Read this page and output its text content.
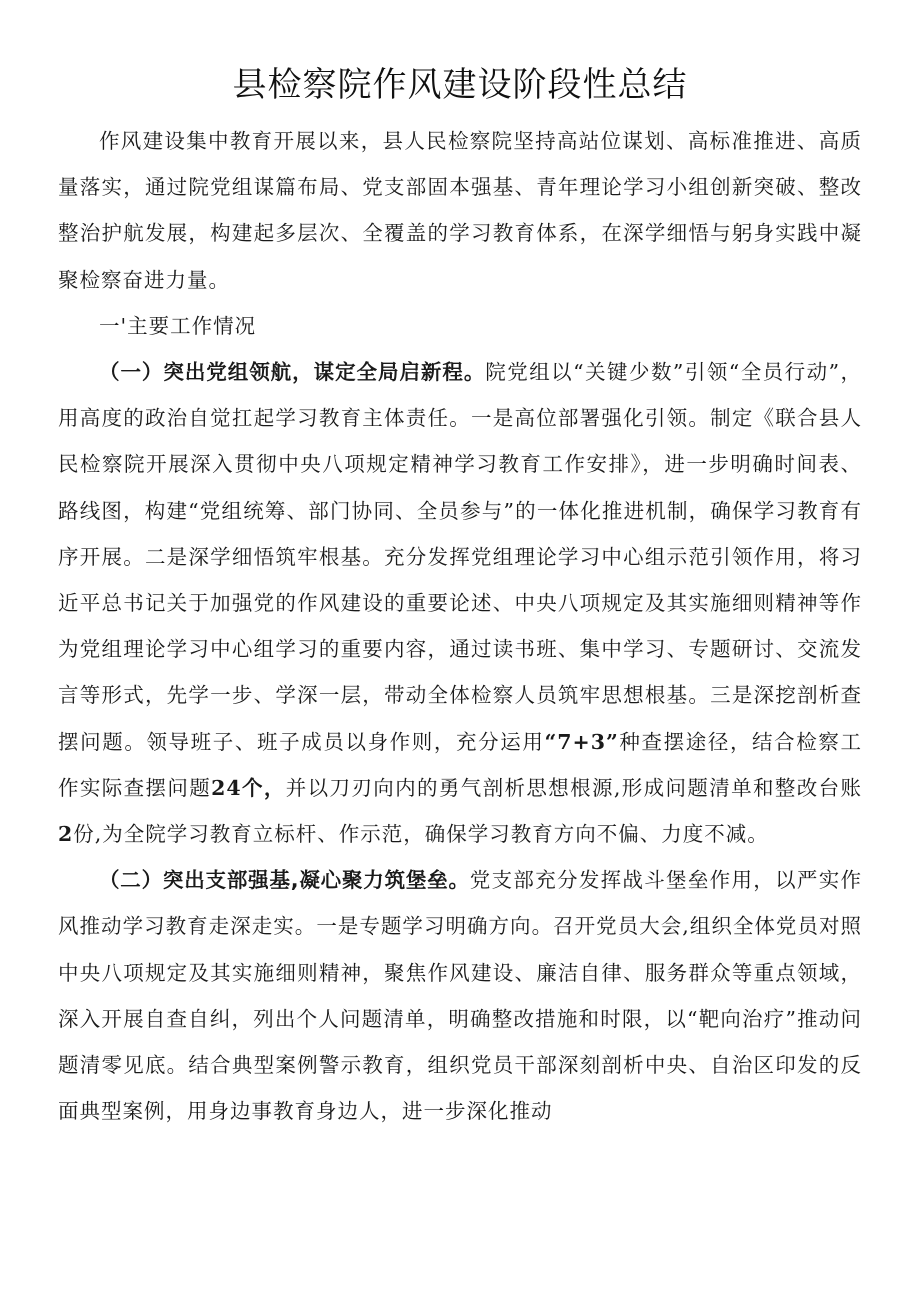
县检察院作风建设阶段性总结

作风建设集中教育开展以来，县人民检察院坚持高站位谋划、高标准推进、高质量落实，通过院党组谋篇布局、党支部固本强基、青年理论学习小组创新突破、整改整治护航发展，构建起多层次、全覆盖的学习教育体系，在深学细悟与躬身实践中凝聚检察奋进力量。

一'主要工作情况

（一）突出党组领航，谋定全局启新程。院党组以“关键少数”引领“全员行动”，用高度的政治自觉扛起学习教育主体责任。一是高位部署强化引领。制定《联合县人民检察院开展深入贯彻中央八项规定精神学习教育工作安排》，进一步明确时间表、路线图，构建“党组统筹、部门协同、全员参与”的一体化推进机制，确保学习教育有序开展。二是深学细悟筑牢根基。充分发挥党组理论学习中心组示范引领作用，将习近平总书记关于加强党的作风建设的重要论述、中央八项规定及其实施细则精神等作为党组理论学习中心组学习的重要内容，通过读书班、集中学习、专题研讨、交流发言等形式，先学一步、学深一层，带动全体检察人员筑牢思想根基。三是深挖剖析查摆问题。领导班子、班子成员以身作则，充分运用“7+3”种查摆途径，结合检察工作实际查摆问题24个，并以刀刃向内的勇气剖析思想根源,形成问题清单和整改台账2份,为全院学习教育立标杆、作示范，确保学习教育方向不偏、力度不减。

（二）突出支部强基,凝心聚力筑堡垒。党支部充分发挥战斗堡垒作用，以严实作风推动学习教育走深走实。一是专题学习明确方向。召开党员大会,组织全体党员对照中央八项规定及其实施细则精神，聚焦作风建设、廉洁自律、服务群众等重点领域，深入开展自查自纠，列出个人问题清单，明确整改措施和时限，以“靶向治疗”推动问题清零见底。结合典型案例警示教育，组织党员干部深刻剖析中央、自治区印发的反面典型案例，用身边事教育身边人，进一步深化推动
